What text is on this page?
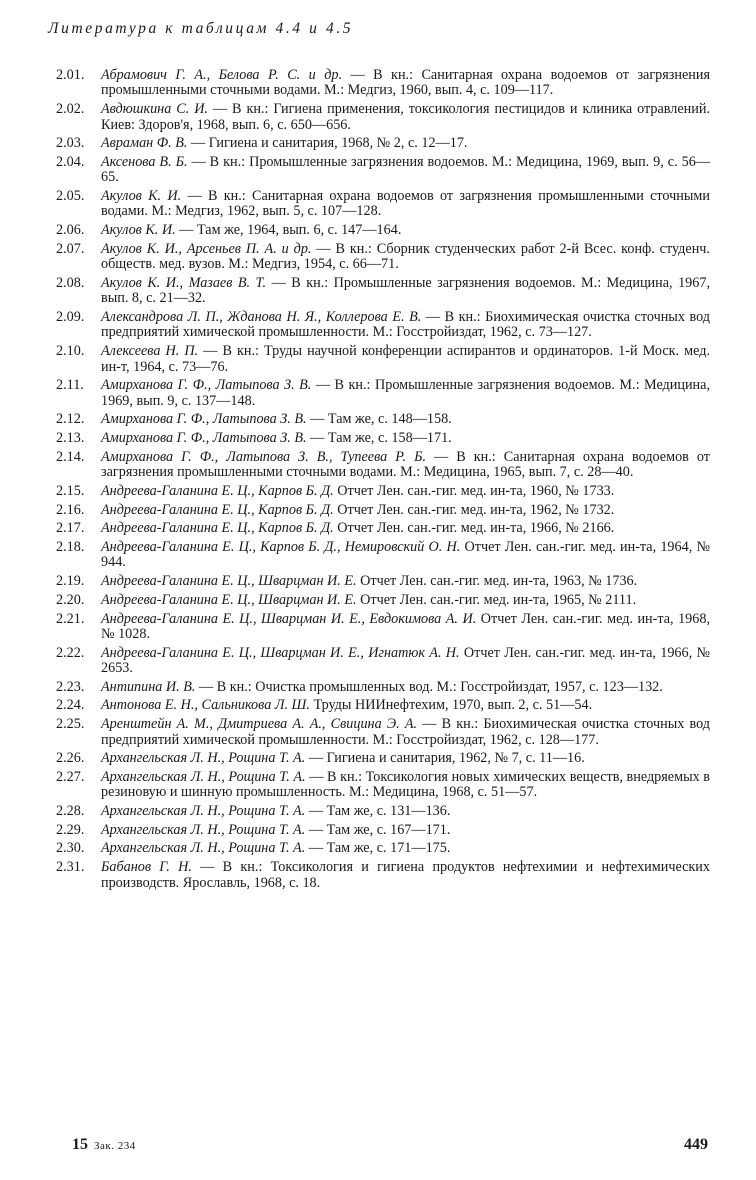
Литература к таблицам 4.4 и 4.5
2.01.	Абрамович Г. А., Белова Р. С. и др. — В кн.: Санитарная охрана водоемов от загрязнения промышленными сточными водами. М.: Медгиз, 1960, вып. 4, с. 109—117.
2.02.	Авдюшкина С. И. — В кн.: Гигиена применения, токсикология пестицидов и клиника отравлений. Киев: Здоров'я, 1968, вып. 6, с. 650—656.
2.03.	Авраман Ф. В. — Гигиена и санитария, 1968, № 2, с. 12—17.
2.04.	Аксенова В. Б. — В кн.: Промышленные загрязнения водоемов. М.: Медицина, 1969, вып. 9, с. 56—65.
2.05.	Акулов К. И. — В кн.: Санитарная охрана водоемов от загрязнения промышленными сточными водами. М.: Медгиз, 1962, вып. 5, с. 107—128.
2.06.	Акулов К. И. — Там же, 1964, вып. 6, с. 147—164.
2.07.	Акулов К. И., Арсеньев П. А. и др. — В кн.: Сборник студенческих работ 2-й Всес. конф. студенч. обществ. мед. вузов. М.: Медгиз, 1954, с. 66—71.
2.08.	Акулов К. И., Мазаев В. Т. — В кн.: Промышленные загрязнения водоемов. М.: Медицина, 1967, вып. 8, с. 21—32.
2.09.	Александрова Л. П., Жданова Н. Я., Коллерова Е. В. — В кн.: Биохимическая очистка сточных вод предприятий химической промышленности. М.: Госстройиздат, 1962, с. 73—127.
2.10.	Алексеева Н. П. — В кн.: Труды научной конференции аспирантов и ординаторов. 1-й Моск. мед. ин-т, 1964, с. 73—76.
2.11.	Амирханова Г. Ф., Латыпова З. В. — В кн.: Промышленные загрязнения водоемов. М.: Медицина, 1969, вып. 9, с. 137—148.
2.12.	Амирханова Г. Ф., Латыпова З. В. — Там же, с. 148—158.
2.13.	Амирханова Г. Ф., Латыпова З. В. — Там же, с. 158—171.
2.14.	Амирханова Г. Ф., Латыпова З. В., Тупеева Р. Б. — В кн.: Санитарная охрана водоемов от загрязнения промышленными сточными водами. М.: Медицина, 1965, вып. 7, с. 28—40.
2.15.	Андреева-Галанина Е. Ц., Карпов Б. Д. Отчет Лен. сан.-гиг. мед. ин-та, 1960, № 1733.
2.16.	Андреева-Галанина Е. Ц., Карпов Б. Д. Отчет Лен. сан.-гиг. мед. ин-та, 1962, № 1732.
2.17.	Андреева-Галанина Е. Ц., Карпов Б. Д. Отчет Лен. сан.-гиг. мед. ин-та, 1966, № 2166.
2.18.	Андреева-Галанина Е. Ц., Карпов Б. Д., Немировский О. Н. Отчет Лен. сан.-гиг. мед. ин-та, 1964, № 944.
2.19.	Андреева-Галанина Е. Ц., Шварцман И. Е. Отчет Лен. сан.-гиг. мед. ин-та, 1963, № 1736.
2.20.	Андреева-Галанина Е. Ц., Шварцман И. Е. Отчет Лен. сан.-гиг. мед. ин-та, 1965, № 2111.
2.21.	Андреева-Галанина Е. Ц., Шварцман И. Е., Евдокимова А. И. Отчет Лен. сан.-гиг. мед. ин-та, 1968, № 1028.
2.22.	Андреева-Галанина Е. Ц., Шварцман И. Е., Игнатюк А. Н. Отчет Лен. сан.-гиг. мед. ин-та, 1966, № 2653.
2.23.	Антипина И. В. — В кн.: Очистка промышленных вод. М.: Госстройиздат, 1957, с. 123—132.
2.24.	Антонова Е. Н., Сальникова Л. Ш. Труды НИИнефтехим, 1970, вып. 2, с. 51—54.
2.25.	Аренштейн А. М., Дмитриева А. А., Свицина Э. А. — В кн.: Биохимическая очистка сточных вод предприятий химической промышленности. М.: Госстройиздат, 1962, с. 128—177.
2.26.	Архангельская Л. Н., Рощина Т. А. — Гигиена и санитария, 1962, № 7, с. 11—16.
2.27.	Архангельская Л. Н., Рощина Т. А. — В кн.: Токсикология новых химических веществ, внедряемых в резиновую и шинную промышленность. М.: Медицина, 1968, с. 51—57.
2.28.	Архангельская Л. Н., Рощина Т. А. — Там же, с. 131—136.
2.29.	Архангельская Л. Н., Рощина Т. А. — Там же, с. 167—171.
2.30.	Архангельская Л. Н., Рощина Т. А. — Там же, с. 171—175.
2.31.	Бабанов Г. Н. — В кн.: Токсикология и гигиена продуктов нефтехимии и нефтехимических производств. Ярославль, 1968, с. 18.
15 Зак. 234	449
